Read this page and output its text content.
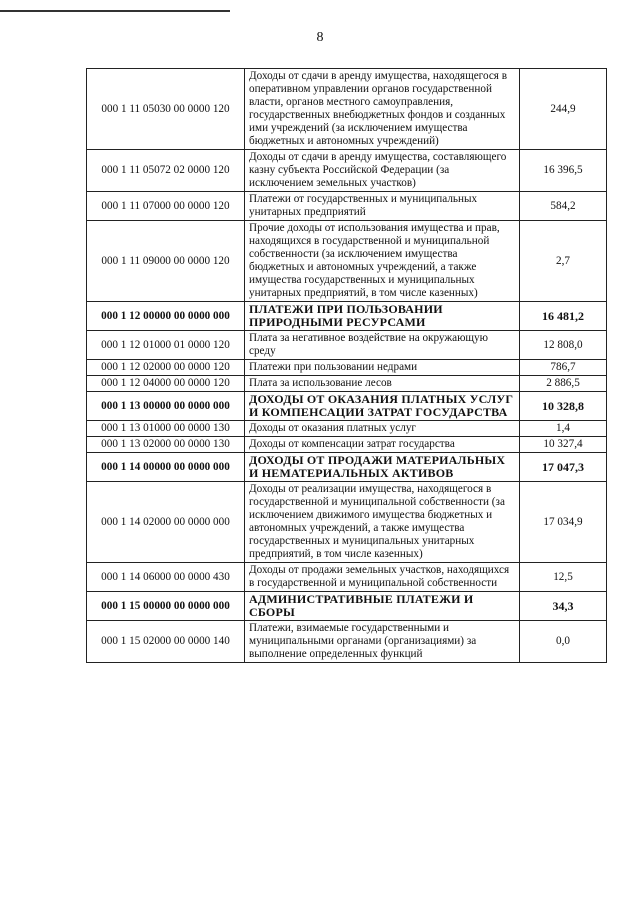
8
000 1 11 05030 00 0000 120	Доходы от сдачи в аренду имущества, находящегося в оперативном управлении органов государственной власти, органов местного самоуправления, государственных внебюджетных фондов и созданных ими учреждений (за исключением имущества бюджетных и автономных учреждений)	244,9
000 1 11 05072 02 0000 120	Доходы от сдачи в аренду имущества, составляющего казну субъекта Российской Федерации (за исключением земельных участков)	16 396,5
000 1 11 07000 00 0000 120	Платежи от государственных и муниципальных унитарных предприятий	584,2
000 1 11 09000 00 0000 120	Прочие доходы от использования имущества и прав, находящихся в государственной и муниципальной собственности (за исключением имущества бюджетных и автономных учреждений, а также имущества государственных и муниципальных унитарных предприятий, в том числе казенных)	2,7
000 1 12 00000 00 0000 000	ПЛАТЕЖИ ПРИ ПОЛЬЗОВАНИИ ПРИРОДНЫМИ РЕСУРСАМИ	16 481,2
000 1 12 01000 01 0000 120	Плата за негативное воздействие на окружающую среду	12 808,0
000 1 12 02000 00 0000 120	Платежи при пользовании недрами	786,7
000 1 12 04000 00 0000 120	Плата за использование лесов	2 886,5
000 1 13 00000 00 0000 000	ДОХОДЫ ОТ ОКАЗАНИЯ ПЛАТНЫХ УСЛУГ И КОМПЕНСАЦИИ ЗАТРАТ ГОСУДАРСТВА	10 328,8
000 1 13 01000 00 0000 130	Доходы от оказания платных услуг	1,4
000 1 13 02000 00 0000 130	Доходы от компенсации затрат государства	10 327,4
000 1 14 00000 00 0000 000	ДОХОДЫ ОТ ПРОДАЖИ МАТЕРИАЛЬНЫХ И НЕМАТЕРИАЛЬНЫХ АКТИВОВ	17 047,3
000 1 14 02000 00 0000 000	Доходы от реализации имущества, находящегося в государственной и муниципальной собственности (за исключением движимого имущества бюджетных и автономных учреждений, а также имущества государственных и муниципальных унитарных предприятий, в том числе казенных)	17 034,9
000 1 14 06000 00 0000 430	Доходы от продажи земельных участков, находящихся в государственной и муниципальной собственности	12,5
000 1 15 00000 00 0000 000	АДМИНИСТРАТИВНЫЕ ПЛАТЕЖИ И СБОРЫ	34,3
000 1 15 02000 00 0000 140	Платежи, взимаемые государственными и муниципальными органами (организациями) за выполнение определенных функций	0,0
